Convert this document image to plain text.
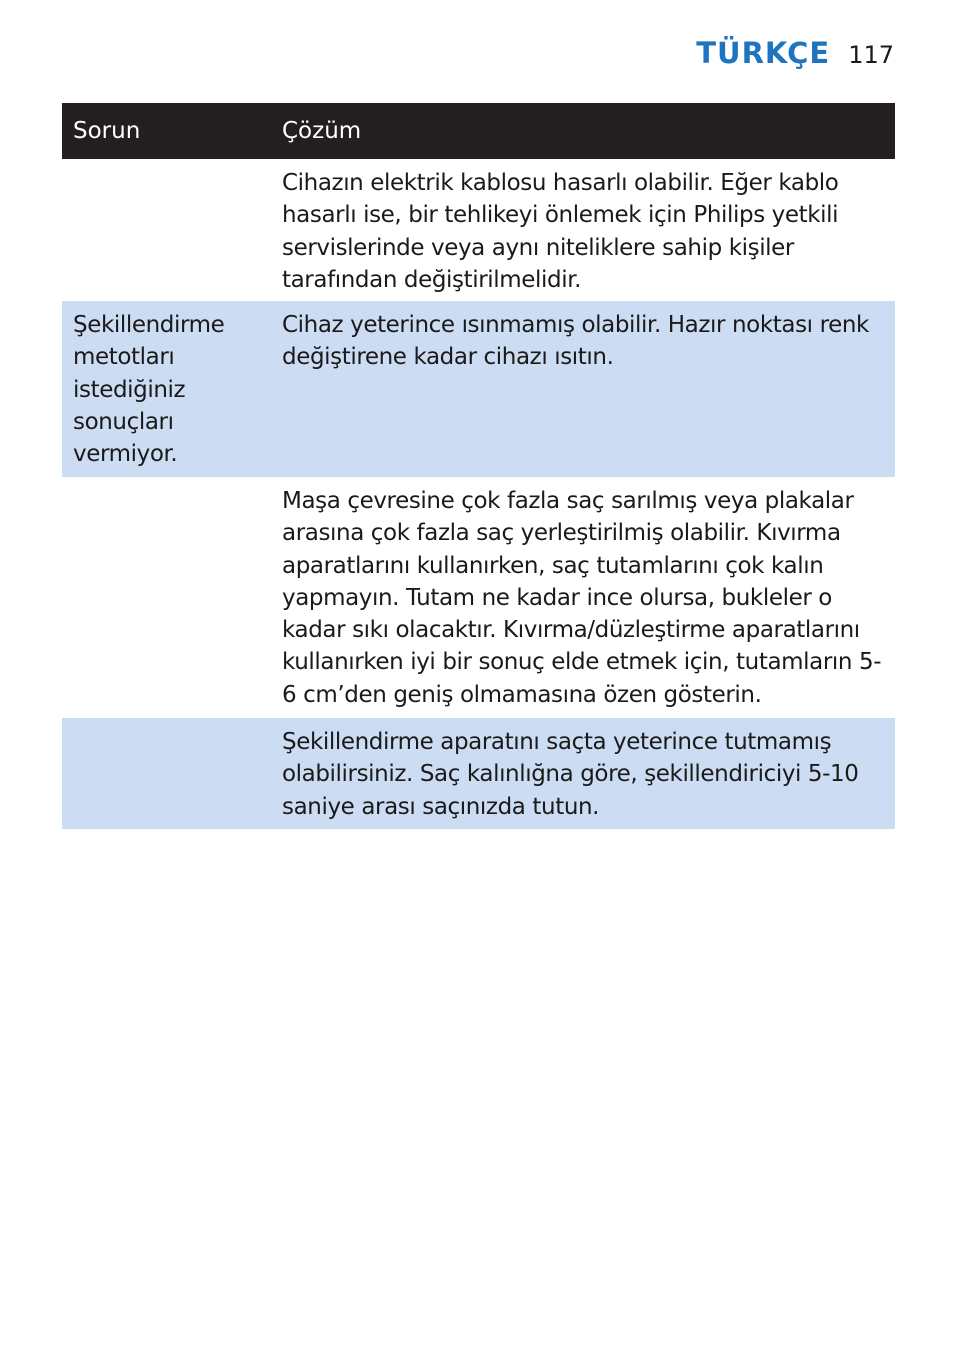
TÜRKÇE 117
Sorun	Çözüm
Cihazın elektrik kablosu hasarlı olabilir. Eğer kablo hasarlı ise, bir tehlikeyi önlemek için Philips yetkili servislerinde veya aynı niteliklere sahip kişiler tarafından değiştirilmelidir.
Şekillendirme metotları istediğiniz sonuçları vermiyor.
Cihaz yeterince ısınmamış olabilir. Hazır noktası renk değiştirene kadar cihazı ısıtın.
Maşa çevresine çok fazla saç sarılmış veya plakalar arasına çok fazla saç yerleştirilmiş olabilir. Kıvırma aparatlarını kullanırken, saç tutamlarını çok kalın yapmayın. Tutam ne kadar ince olursa, bukleler o kadar sıkı olacaktır. Kıvırma/düzleştirme aparatlarını kullanırken iyi bir sonuç elde etmek için, tutamların 5-6 cm’den geniş olmamasına özen gösterin.
Şekillendirme aparatını saçta yeterince tutmamış olabilirsiniz. Saç kalınlığna göre, şekillendiriciyi 5-10 saniye arası saçınızda tutun.
